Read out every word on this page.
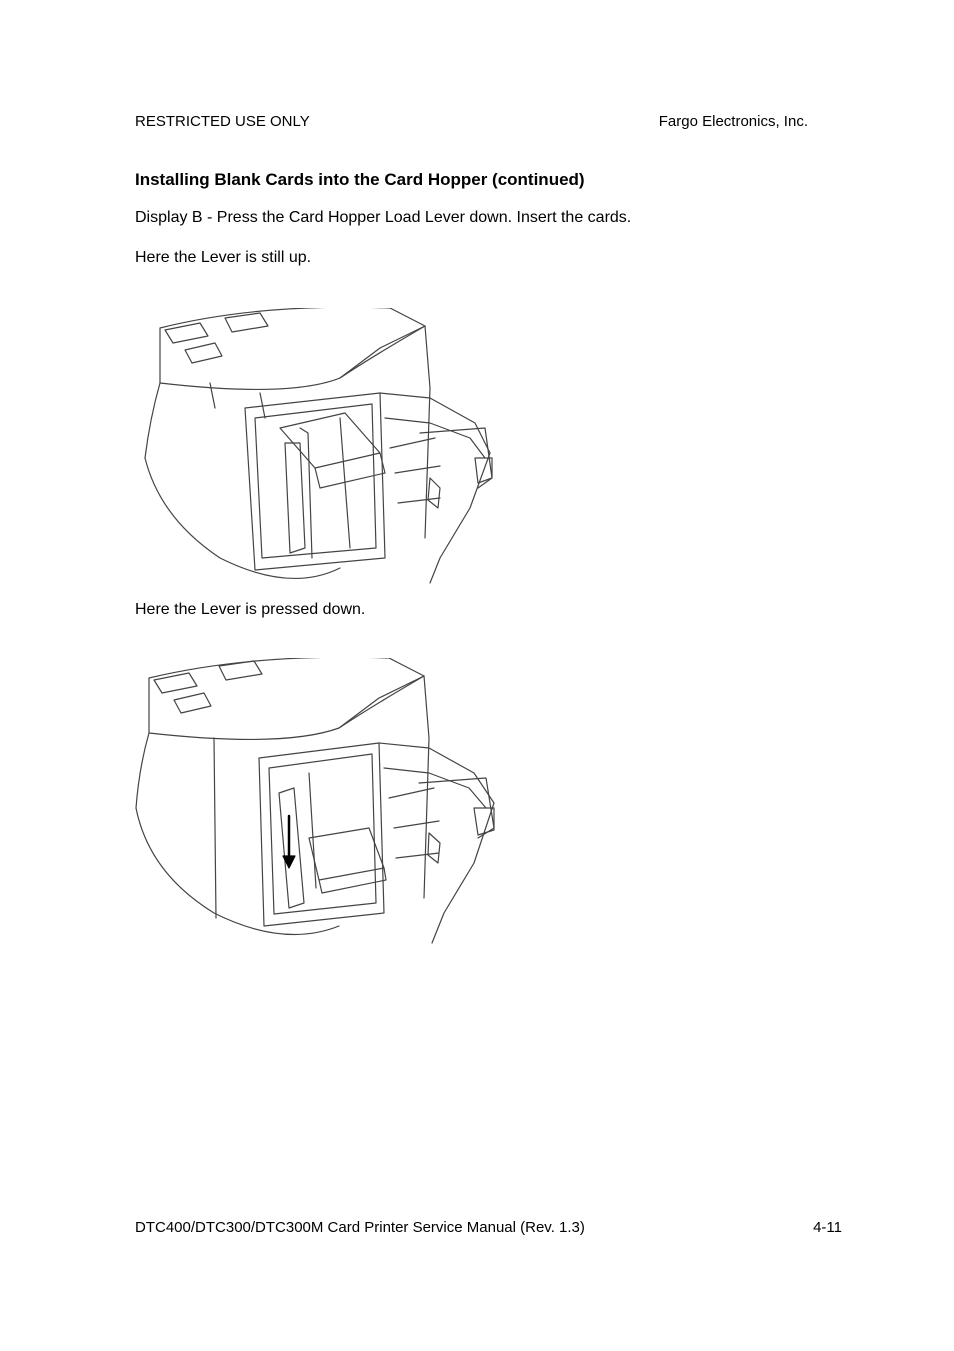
RESTRICTED USE ONLY	Fargo Electronics, Inc.
Installing Blank Cards into the Card Hopper (continued)
Display B - Press the Card Hopper Load Lever down. Insert the cards.
Here the Lever is still up.
Here the Lever is pressed down.
DTC400/DTC300/DTC300M Card Printer Service Manual (Rev. 1.3)	4-11
